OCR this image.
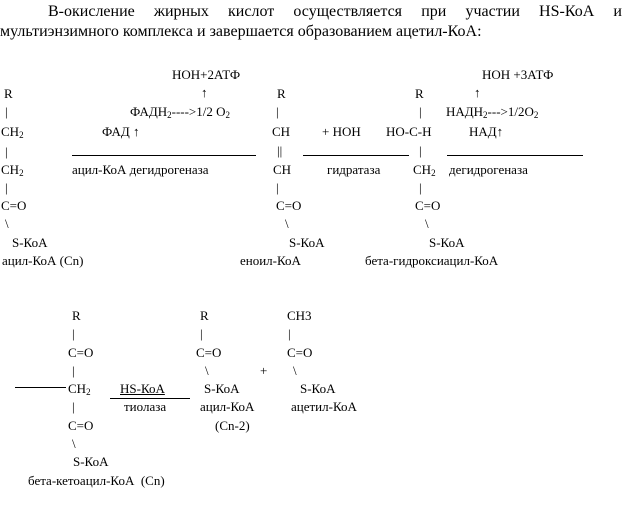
B-окисление жирных кислот осуществляется при участии HS-КоА и
мультиэнзимного комплекса и завершается образованием ацетил-КоА:
R
|
$CH_2$
|
$CH_2$
|
C=O
\
S-КоА
ацил-КоА (Сn)
НОН+2АТФ
↑
$ФАДН_2---->1/2$ $O_2$
ФАД ↑
ацил-КоА дегидрогеназа
R
|
CH
||
CH
|
C=O
\
S-КоА
еноил-КоА
+ НОН
гидратаза
R
|
HO-C-H
|
$CH_2$
|
C=O
\
S-КоА
бета-гидроксиацил-КоА
НОН +3АТФ
↑
$НАДН_2--->1/2O_2$
НАД↑
дегидрогеназа
R
|
C=O
|
$CH_2$
|
C=O
\
S-КоА
бета-кетоацил-КоА  (Сn)
HS-КоА
тиолаза
R
|
C=O
\
S-КоА
ацил-КоА
(Сn-2)
+
CH3
|
C=O
\
S-КоА
ацетил-КоА
